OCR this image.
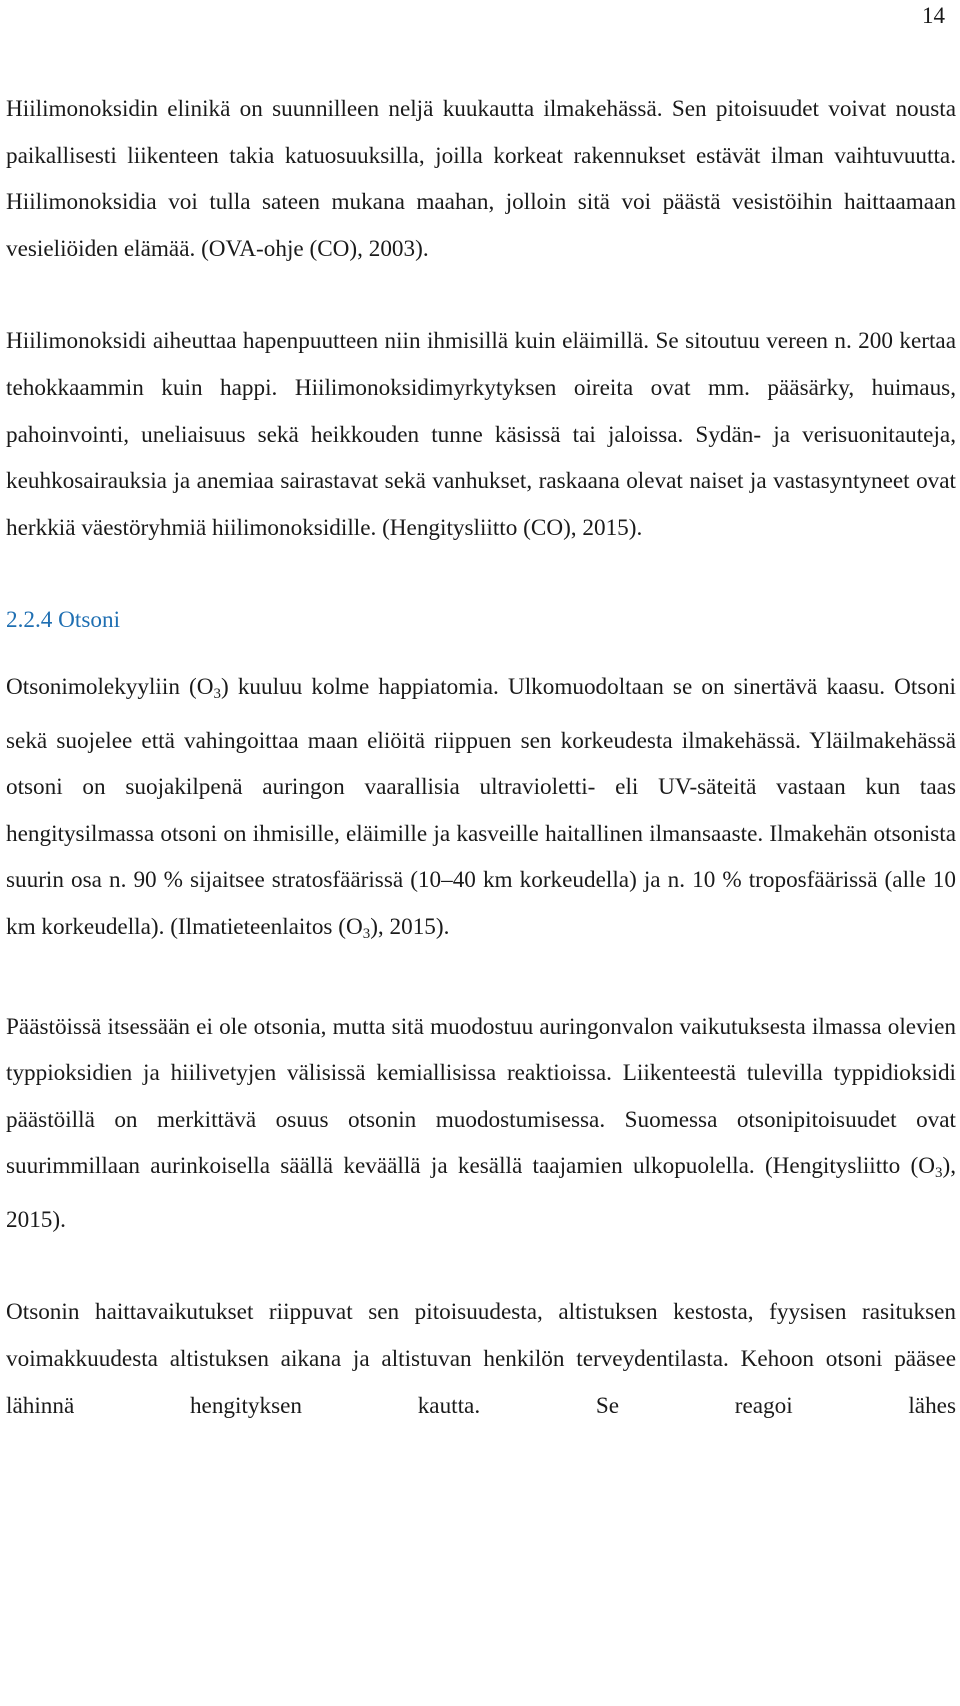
14

Hiilimonoksidin elinikä on suunnilleen neljä kuukautta ilmakehässä. Sen pitoisuudet voivat nousta paikallisesti liikenteen takia katuosuuksilla, joilla korkeat rakennukset estävät ilman vaihtuvuutta. Hiilimonoksidia voi tulla sateen mukana maahan, jolloin sitä voi päästä vesistöihin haittaamaan vesieliöiden elämää. (OVA-ohje (CO), 2003).

Hiilimonoksidi aiheuttaa hapenpuutteen niin ihmisillä kuin eläimillä. Se sitoutuu vereen n. 200 kertaa tehokkaammin kuin happi. Hiilimonoksidimyrkytyksen oireita ovat mm. pääsärky, huimaus, pahoinvointi, uneliaisuus sekä heikkouden tunne käsissä tai jaloissa. Sydän- ja verisuonitauteja, keuhkosairauksia ja anemiaa sairastavat sekä vanhukset, raskaana olevat naiset ja vastasyntyneet ovat herkkiä väestöryhmiä hiilimonoksidille. (Hengitysliitto (CO), 2015).

2.2.4 Otsoni

Otsonimolekyyliin (O3) kuuluu kolme happiatomia. Ulkomuodoltaan se on sinertävä kaasu. Otsoni sekä suojelee että vahingoittaa maan eliöitä riippuen sen korkeudesta ilmakehässä. Yläilmakehässä otsoni on suojakilpenä auringon vaarallisia ultravioletti- eli UV-säteitä vastaan kun taas hengitysilmassa otsoni on ihmisille, eläimille ja kasveille haitallinen ilmansaaste. Ilmakehän otsonista suurin osa n. 90 % sijaitsee stratosfäärissä (10–40 km korkeudella) ja n. 10 % troposfäärissä (alle 10 km korkeudella). (Ilmatieteenlaitos (O3), 2015).

Päästöissä itsessään ei ole otsonia, mutta sitä muodostuu auringonvalon vaikutuksesta ilmassa olevien typpioksidien ja hiilivetyjen välisissä kemiallisissa reaktioissa. Liikenteestä tulevilla typpidioksidi päästöillä on merkittävä osuus otsonin muodostumisessa. Suomessa otsonipitoisuudet ovat suurimmillaan aurinkoisella säällä keväällä ja kesällä taajamien ulkopuolella. (Hengitysliitto (O3), 2015).

Otsonin haittavaikutukset riippuvat sen pitoisuudesta, altistuksen kestosta, fyysisen rasituksen voimakkuudesta altistuksen aikana ja altistuvan henkilön terveydentilasta. Kehoon otsoni pääsee lähinnä hengityksen kautta. Se reagoi lähes
